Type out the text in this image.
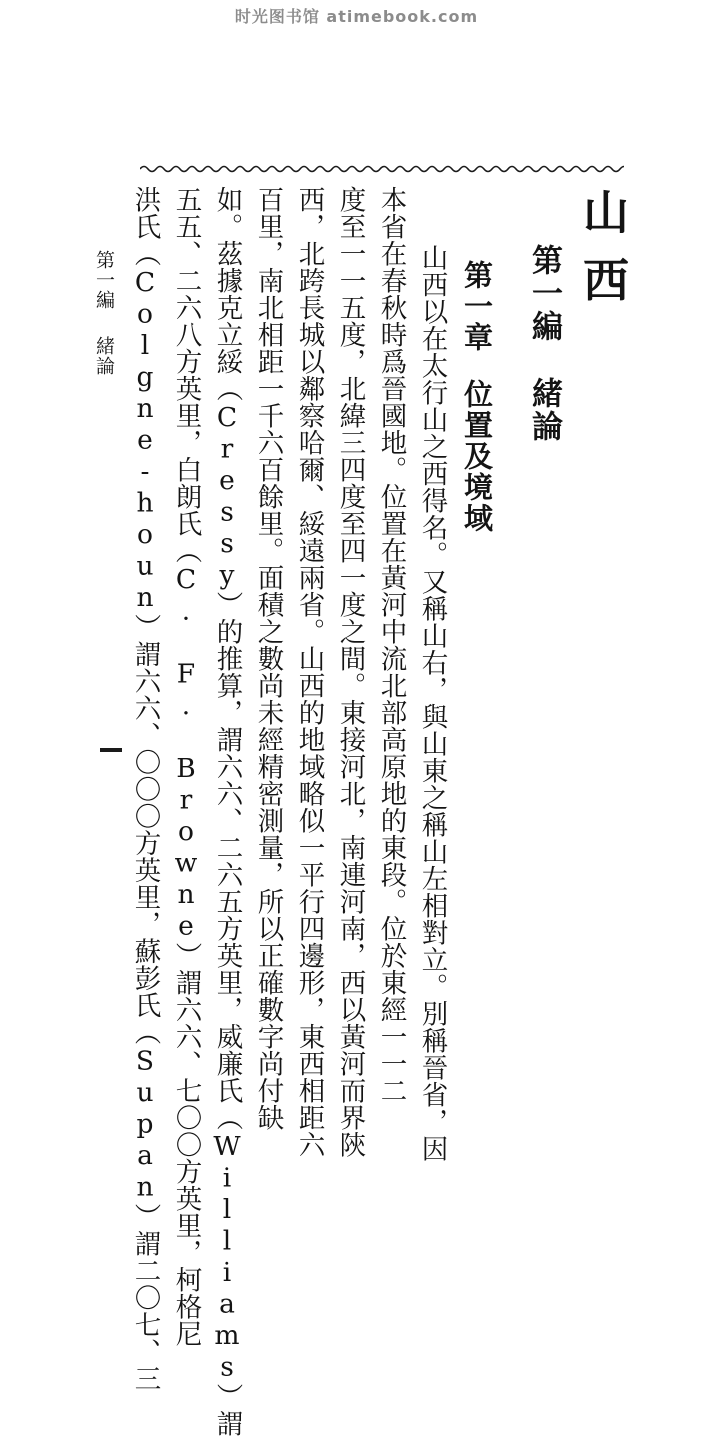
时光图书馆 atimebook.com
山西
第一編緒論
第一章位置及境域
山西以在太行山之西得名。又稱山右，與山東之稱山左相對立。別稱晉省，因
本省在春秋時爲晉國地。位置在黃河中流北部高原地的東段。位於東經一一二
度至一一五度，北緯三四度至四一度之間。東接河北，南連河南，西以黃河而界陝
西，北跨長城以鄰察哈爾、綏遠兩省。山西的地域略似一平行四邊形，東西相距六
百里，南北相距一千六百餘里。面積之數尚未經精密測量，所以正確數字尚付缺
如。茲據克立綏（Cressy）的推算，謂六六、二六五方英里，威廉氏（Williams）謂
五五、二六八方英里，白朗氏（C. F. Browne）謂六六、七〇〇方英里，柯格尼
洪氏（Colgne-houn）謂六六、〇〇〇方英里，蘇彭氏（Supan）謂二〇七、三
第一編緒論
